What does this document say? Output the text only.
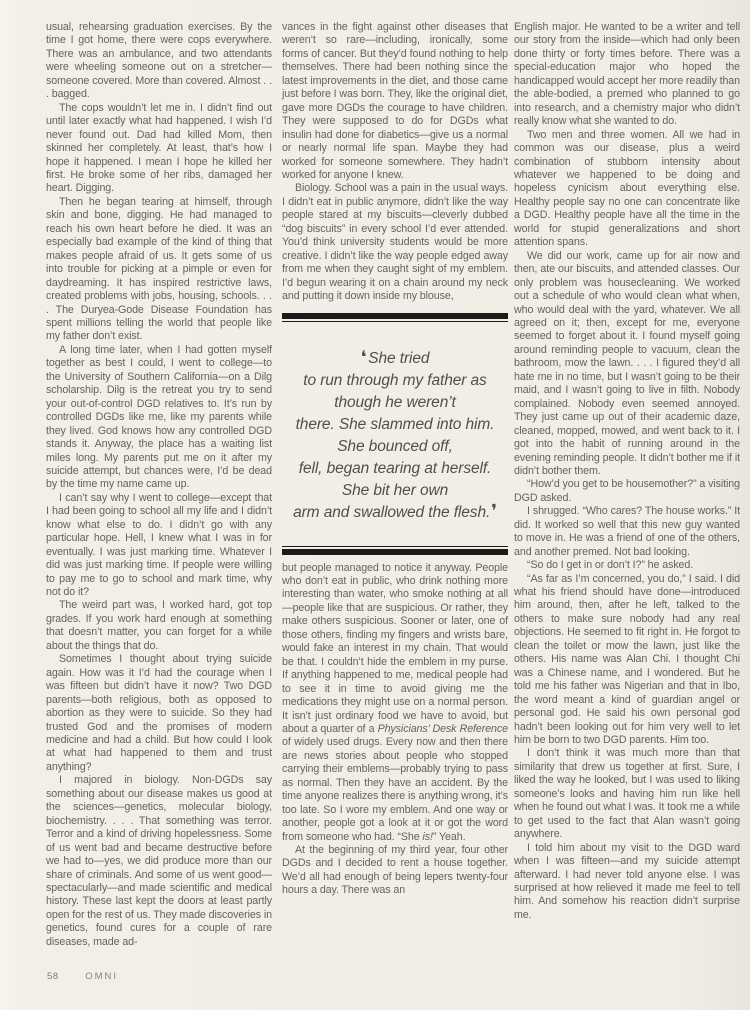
usual, rehearsing graduation exercises. By the time I got home, there were cops everywhere. There was an ambulance, and two attendants were wheeling someone out on a stretcher—someone covered. More than covered. Almost . . . bagged.

The cops wouldn’t let me in. I didn’t find out until later exactly what had happened. I wish I’d never found out. Dad had killed Mom, then skinned her completely. At least, that’s how I hope it happened. I mean I hope he killed her first. He broke some of her ribs, damaged her heart. Digging.

Then he began tearing at himself, through skin and bone, digging. He had managed to reach his own heart before he died. It was an especially bad example of the kind of thing that makes people afraid of us. It gets some of us into trouble for picking at a pimple or even for daydreaming. It has inspired restrictive laws, created problems with jobs, housing, schools. . . . The Duryea-Gode Disease Foundation has spent millions telling the world that people like my father don’t exist.

A long time later, when I had gotten myself together as best I could, I went to college—to the University of Southern California—on a Dilg scholarship. Dilg is the retreat you try to send your out-of-control DGD relatives to. It’s run by controlled DGDs like me, like my parents while they lived. God knows how any controlled DGD stands it. Anyway, the place has a waiting list miles long. My parents put me on it after my suicide attempt, but chances were, I’d be dead by the time my name came up.

I can’t say why I went to college—except that I had been going to school all my life and I didn’t know what else to do. I didn’t go with any particular hope. Hell, I knew what I was in for eventually. I was just marking time. Whatever I did was just marking time. If people were willing to pay me to go to school and mark time, why not do it?

The weird part was, I worked hard, got top grades. If you work hard enough at something that doesn’t matter, you can forget for a while about the things that do.

Sometimes I thought about trying suicide again. How was it I’d had the courage when I was fifteen but didn’t have it now? Two DGD parents—both religious, both as opposed to abortion as they were to suicide. So they had trusted God and the promises of modern medicine and had a child. But how could I look at what had happened to them and trust anything?

I majored in biology. Non-DGDs say something about our disease makes us good at the sciences—genetics, molecular biology, biochemistry. . . . That something was terror. Terror and a kind of driving hopelessness. Some of us went bad and became destructive before we had to—yes, we did produce more than our share of criminals. And some of us went good—spectacularly—and made scientific and medical history. These last kept the doors at least partly open for the rest of us. They made discoveries in genetics, found cures for a couple of rare diseases, made ad-

vances in the fight against other diseases that weren’t so rare—including, ironically, some forms of cancer. But they’d found nothing to help themselves. There had been nothing since the latest improvements in the diet, and those came just before I was born. They, like the original diet, gave more DGDs the courage to have children. They were supposed to do for DGDs what insulin had done for diabetics—give us a normal or nearly normal life span. Maybe they had worked for someone somewhere. They hadn’t worked for anyone I knew.

Biology. School was a pain in the usual ways. I didn’t eat in public anymore, didn’t like the way people stared at my biscuits—cleverly dubbed “dog biscuits” in every school I’d ever attended. You’d think university students would be more creative. I didn’t like the way people edged away from me when they caught sight of my emblem. I’d begun wearing it on a chain around my neck and putting it down inside my blouse,

❛ She tried
to run through my father as
though he weren’t
there. She slammed into him.
She bounced off,
fell, began tearing at herself.
She bit her own
arm and swallowed the flesh.❜

but people managed to notice it anyway. People who don’t eat in public, who drink nothing more interesting than water, who smoke nothing at all—people like that are suspicious. Or rather, they make others suspicious. Sooner or later, one of those others, finding my fingers and wrists bare, would fake an interest in my chain. That would be that. I couldn’t hide the emblem in my purse. If anything happened to me, medical people had to see it in time to avoid giving me the medications they might use on a normal person. It isn’t just ordinary food we have to avoid, but about a quarter of a Physicians’ Desk Reference of widely used drugs. Every now and then there are news stories about people who stopped carrying their emblems—probably trying to pass as normal. Then they have an accident. By the time anyone realizes there is anything wrong, it’s too late. So I wore my emblem. And one way or another, people got a look at it or got the word from someone who had. “She is!” Yeah.

At the beginning of my third year, four other DGDs and I decided to rent a house together. We’d all had enough of being lepers twenty-four hours a day. There was an

English major. He wanted to be a writer and tell our story from the inside—which had only been done thirty or forty times before. There was a special-education major who hoped the handicapped would accept her more readily than the able-bodied, a premed who planned to go into research, and a chemistry major who didn’t really know what she wanted to do.

Two men and three women. All we had in common was our disease, plus a weird combination of stubborn intensity about whatever we happened to be doing and hopeless cynicism about everything else. Healthy people say no one can concentrate like a DGD. Healthy people have all the time in the world for stupid generalizations and short attention spans.

We did our work, came up for air now and then, ate our biscuits, and attended classes. Our only problem was housecleaning. We worked out a schedule of who would clean what when, who would deal with the yard, whatever. We all agreed on it; then, except for me, everyone seemed to forget about it. I found myself going around reminding people to vacuum, clean the bathroom, mow the lawn. . . . I figured they’d all hate me in no time, but I wasn’t going to be their maid, and I wasn’t going to live in filth. Nobody complained. Nobody even seemed annoyed. They just came up out of their academic daze, cleaned, mopped, mowed, and went back to it. I got into the habit of running around in the evening reminding people. It didn’t bother me if it didn’t bother them.

“How’d you get to be housemother?” a visiting DGD asked.

I shrugged. “Who cares? The house works.” It did. It worked so well that this new guy wanted to move in. He was a friend of one of the others, and another premed. Not bad looking.

“So do I get in or don’t I?” he asked.

“As far as I’m concerned, you do,” I said. I did what his friend should have done—introduced him around, then, after he left, talked to the others to make sure nobody had any real objections. He seemed to fit right in. He forgot to clean the toilet or mow the lawn, just like the others. His name was Alan Chi. I thought Chi was a Chinese name, and I wondered. But he told me his father was Nigerian and that in Ibo, the word meant a kind of guardian angel or personal god. He said his own personal god hadn’t been looking out for him very well to let him be born to two DGD parents. Him too.

I don’t think it was much more than that similarity that drew us together at first. Sure, I liked the way he looked, but I was used to liking someone’s looks and having him run like hell when he found out what I was. It took me a while to get used to the fact that Alan wasn’t going anywhere.

I told him about my visit to the DGD ward when I was fifteen—and my suicide attempt afterward. I had never told anyone else. I was surprised at how relieved it made me feel to tell him. And somehow his reaction didn’t surprise me.

58	OMNI
